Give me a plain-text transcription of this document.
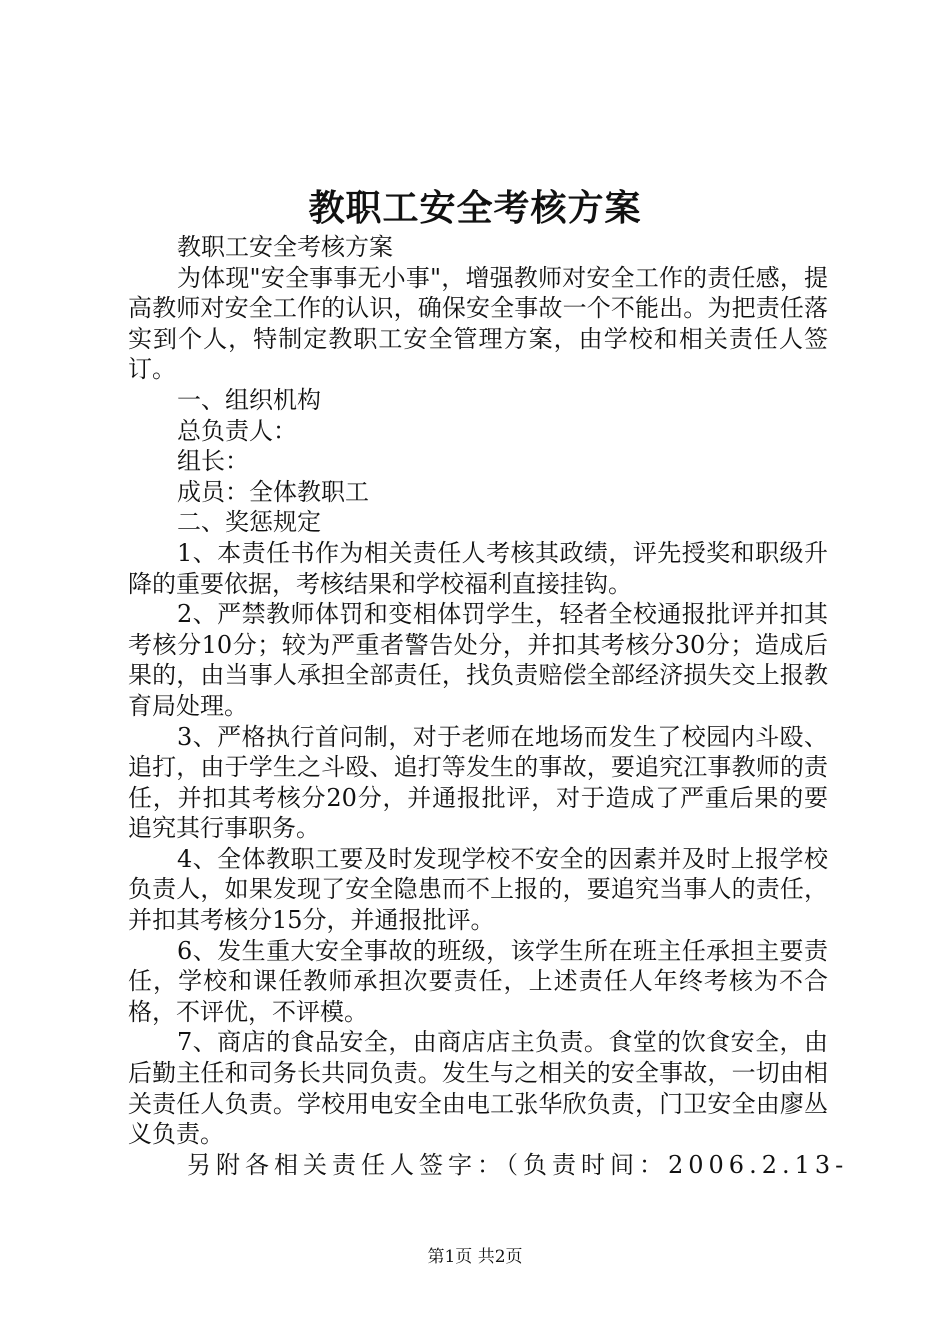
教职工安全考核方案

教职工安全考核方案

为体现"安全事事无小事"，增强教师对安全工作的责任感，提高教师对安全工作的认识，确保安全事故一个不能出。为把责任落实到个人，特制定教职工安全管理方案，由学校和相关责任人签订。

一、组织机构

总负责人：

组长：

成员：全体教职工

二、奖惩规定

1、本责任书作为相关责任人考核其政绩，评先授奖和职级升降的重要依据，考核结果和学校福利直接挂钩。

2、严禁教师体罚和变相体罚学生，轻者全校通报批评并扣其考核分10分；较为严重者警告处分，并扣其考核分30分；造成后果的，由当事人承担全部责任，找负责赔偿全部经济损失交上报教育局处理。

3、严格执行首问制，对于老师在地场而发生了校园内斗殴、追打，由于学生之斗殴、追打等发生的事故，要追究江事教师的责任，并扣其考核分20分，并通报批评，对于造成了严重后果的要追究其行事职务。

4、全体教职工要及时发现学校不安全的因素并及时上报学校负责人，如果发现了安全隐患而不上报的，要追究当事人的责任，并扣其考核分15分，并通报批评。

6、发生重大安全事故的班级，该学生所在班主任承担主要责任，学校和课任教师承担次要责任，上述责任人年终考核为不合格，不评优，不评模。

7、商店的食品安全，由商店店主负责。食堂的饮食安全，由后勤主任和司务长共同负责。发生与之相关的安全事故，一切由相关责任人负责。学校用电安全由电工张华欣负责，门卫安全由廖丛义负责。

另附各相关责任人签字：（负责时间：2006.2.13-

第1页 共2页
